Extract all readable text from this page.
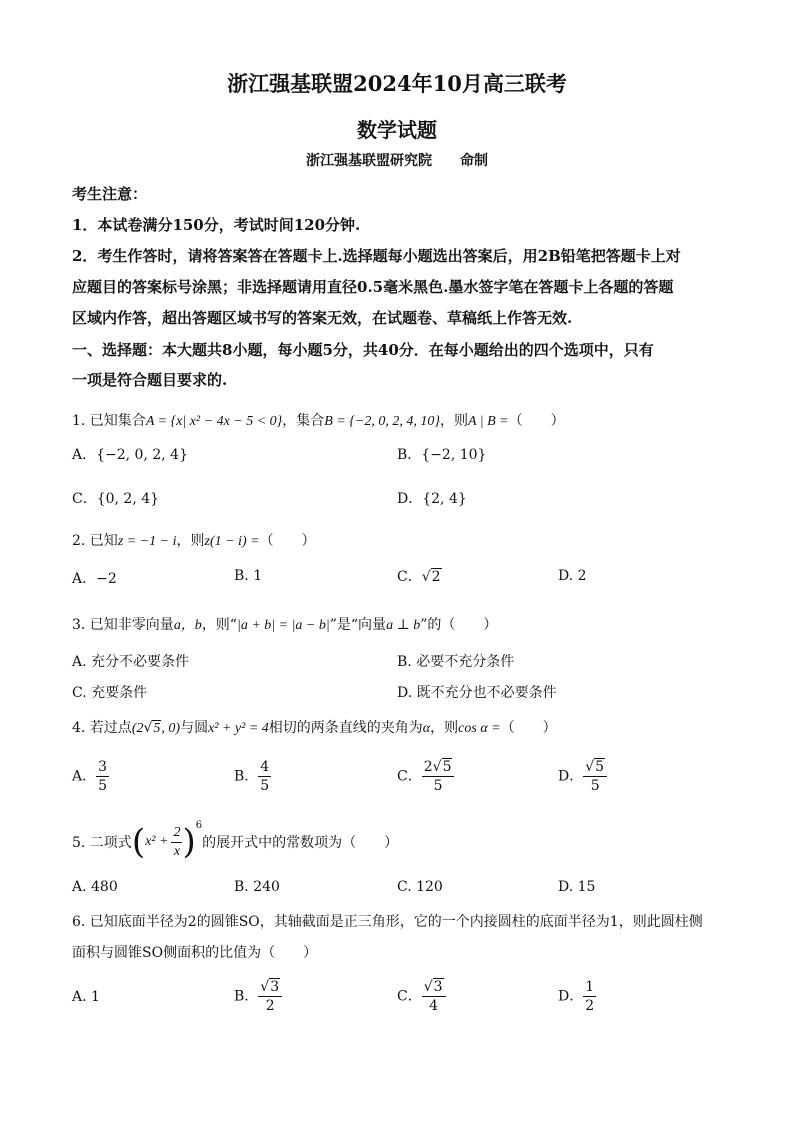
浙江强基联盟2024年10月高三联考
数学试题
浙江强基联盟研究院　　命制
考生注意：
1．本试卷满分150分，考试时间120分钟.
2．考生作答时，请将答案答在答题卡上.选择题每小题选出答案后，用2B铅笔把答题卡上对
应题目的答案标号涂黑；非选择题请用直径0.5毫米黑色.墨水签字笔在答题卡上各题的答题
区域内作答，超出答题区域书写的答案无效，在试题卷、草稿纸上作答无效.
一、选择题：本大题共8小题，每小题5分，共40分．在每小题给出的四个选项中，只有
一项是符合题目要求的.
1. 已知集合A = {x| x² − 4x − 5 < 0}，集合B = {−2, 0, 2, 4, 10}，则A | B =（　　）
A．{−2, 0, 2, 4}	B．{−2, 10}
C．{0, 2, 4}	D．{2, 4}
2. 已知z = −1 − i，则z(1 − i) =（　　）
A．−2	B. 1	C．√2	D. 2
3. 已知非零向量a，b，则“|a + b| = |a − b|”是“向量a ⊥ b”的（　　）
A. 充分不必要条件	B. 必要不充分条件
C. 充要条件	D. 既不充分也不必要条件
4. 若过点(2√5, 0)与圆x² + y² = 4相切的两条直线的夹角为α，则cos α =（　　）
A． $\frac{3}{5}$	B． $\frac{4}{5}$	C． $\frac{2√5}{5}$	D． $\frac{√5}{5}$
5. 二项式 ( $x^2 + \frac{2}{x}$ ) 6
的展开式中的常数项为（　　）
A. 480	B. 240	C. 120	D. 15
6. 已知底面半径为2的圆锥SO，其轴截面是正三角形，它的一个内接圆柱的底面半径为1，则此圆柱侧
面积与圆锥SO侧面积的比值为（　　）
A. 1	B． $\frac{√3}{2}$	C． $\frac{√3}{4}$	D． $\frac{1}{2}$
